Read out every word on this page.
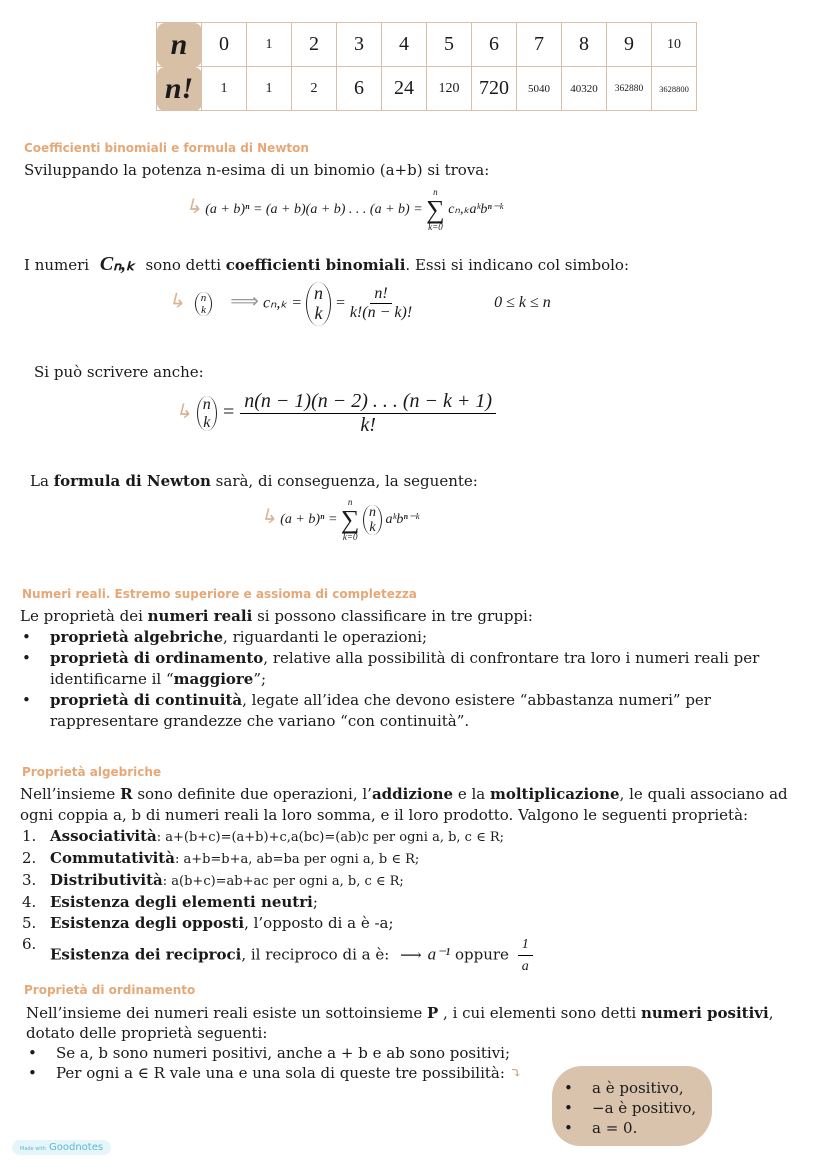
n	0	1	2	3	4	5	6	7	8	9	10
n!	1	1	2	6	24	120	720	5040	40320	362880	3628800
Coefficienti binomiali e formula di Newton
Sviluppando la potenza n-esima di un binomio (a+b) si trova:
↳ (a + b)ⁿ = (a + b)(a + b) . . . (a + b) =
n
∑
k=0
cₙ,ₖaᵏbⁿ⁻ᵏ
I numeri Cₙ,ₖ sono detti coefficienti binomiali. Essi si indicano col simbolo:
↳ n
k ⟹ cₙ,ₖ = n
$k = \frac{n!}{k!(n - k)!}$	0 ≤ k ≤ n
Si può scrivere anche:
↳ n
$k = \frac{n(n - 1)(n - 2) . . . (n - k + 1)}{k!}$
La formula di Newton sarà, di conseguenza, la seguente:
↳ (a + b)ⁿ =
n
∑
k=0

n
k
aᵏbⁿ⁻ᵏ
Numeri reali. Estremo superiore e assioma di completezza
Le proprietà dei numeri reali si possono classificare in tre gruppi:
• proprietà algebriche, riguardanti le operazioni;
• proprietà di ordinamento, relative alla possibilità di confrontare tra loro i numeri reali per
identificarne il “maggiore”;
• proprietà di continuità, legate all’idea che devono esistere “abbastanza numeri” per
rappresentare grandezze che variano “con continuità”.
Proprietà algebriche
Nell’insieme R sono definite due operazioni, l’addizione e la moltiplicazione, le quali associano ad
ogni coppia a, b di numeri reali la loro somma, e il loro prodotto. Valgono le seguenti proprietà:
1. Associatività: a+(b+c)=(a+b)+c,a(bc)=(ab)c per ogni a, b, c ∈ R;
2. Commutatività: a+b=b+a, ab=ba per ogni a, b ∈ R;
3. Distributività: a(b+c)=ab+ac per ogni a, b, c ∈ R;
4. Esistenza degli elementi neutri;
5. Esistenza degli opposti, l’opposto di a è -a;
6.
Esistenza dei reciproci, il reciproco di a è: ⟶ a⁻¹ oppure $\frac{1}{a}$
Proprietà di ordinamento
Nell’insieme dei numeri reali esiste un sottoinsieme P , i cui elementi sono detti numeri positivi,
dotato delle proprietà seguenti:
• Se a, b sono numeri positivi, anche a + b e ab sono positivi;
• Per ogni a ∈ R vale una e una sola di queste tre possibilità: ⤵
• a è positivo,
• −a è positivo,
• a = 0.
Made with Goodnotes
